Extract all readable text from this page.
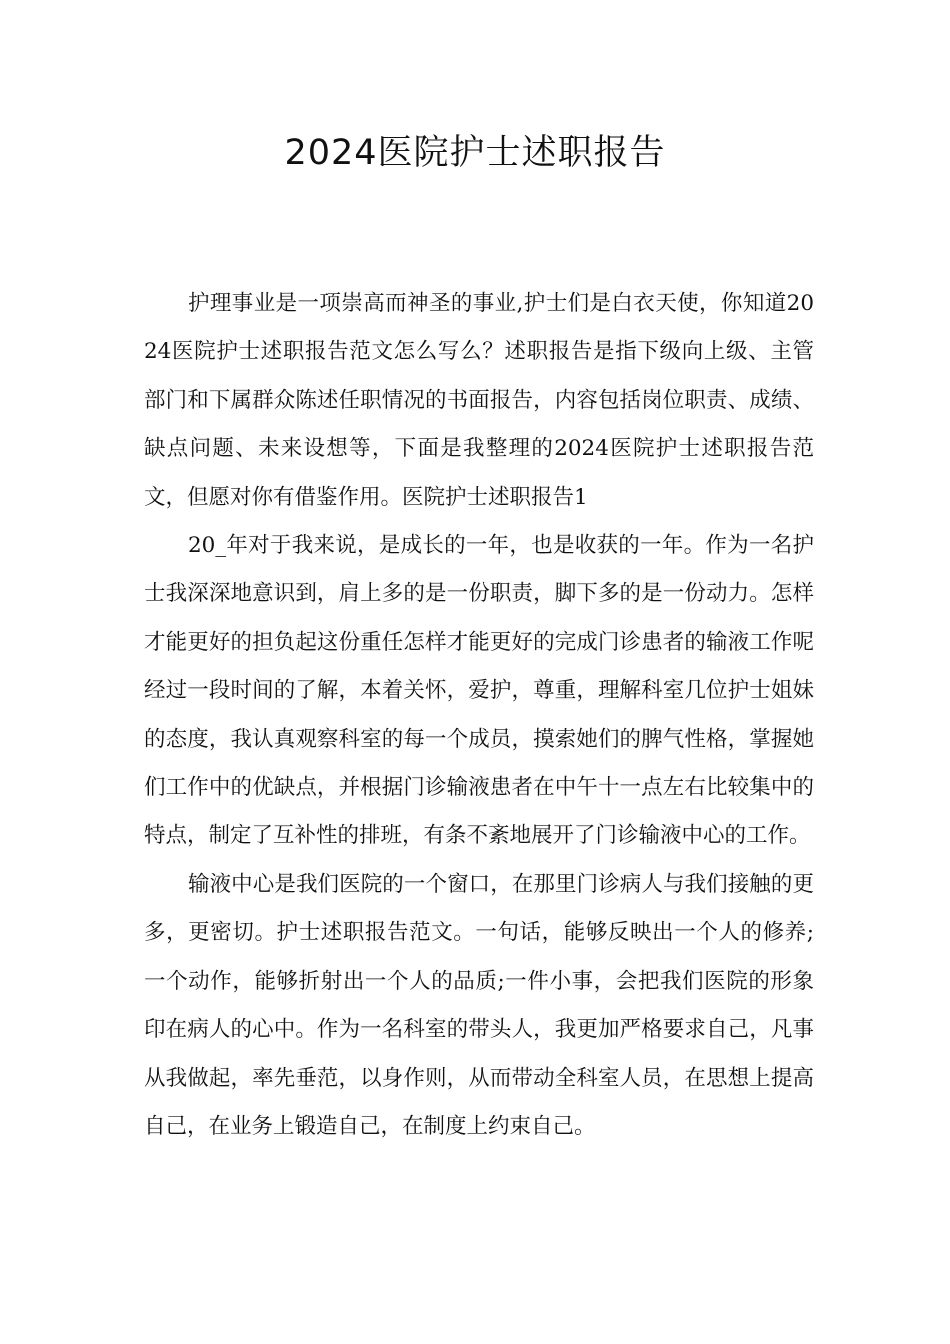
2024医院护士述职报告

护理事业是一项崇高而神圣的事业,护士们是白衣天使，你知道2024医院护士述职报告范文怎么写么？述职报告是指下级向上级、主管部门和下属群众陈述任职情况的书面报告，内容包括岗位职责、成绩、缺点问题、未来设想等，下面是我整理的2024医院护士述职报告范文，但愿对你有借鉴作用。医院护士述职报告1

20_年对于我来说，是成长的一年，也是收获的一年。作为一名护士我深深地意识到，肩上多的是一份职责，脚下多的是一份动力。怎样才能更好的担负起这份重任怎样才能更好的完成门诊患者的输液工作呢经过一段时间的了解，本着关怀，爱护，尊重，理解科室几位护士姐妹的态度，我认真观察科室的每一个成员，摸索她们的脾气性格，掌握她们工作中的优缺点，并根据门诊输液患者在中午十一点左右比较集中的特点，制定了互补性的排班，有条不紊地展开了门诊输液中心的工作。

输液中心是我们医院的一个窗口，在那里门诊病人与我们接触的更多，更密切。护士述职报告范文。一句话，能够反映出一个人的修养;一个动作，能够折射出一个人的品质;一件小事，会把我们医院的形象印在病人的心中。作为一名科室的带头人，我更加严格要求自己，凡事从我做起，率先垂范，以身作则，从而带动全科室人员，在思想上提高自己，在业务上锻造自己，在制度上约束自己。
